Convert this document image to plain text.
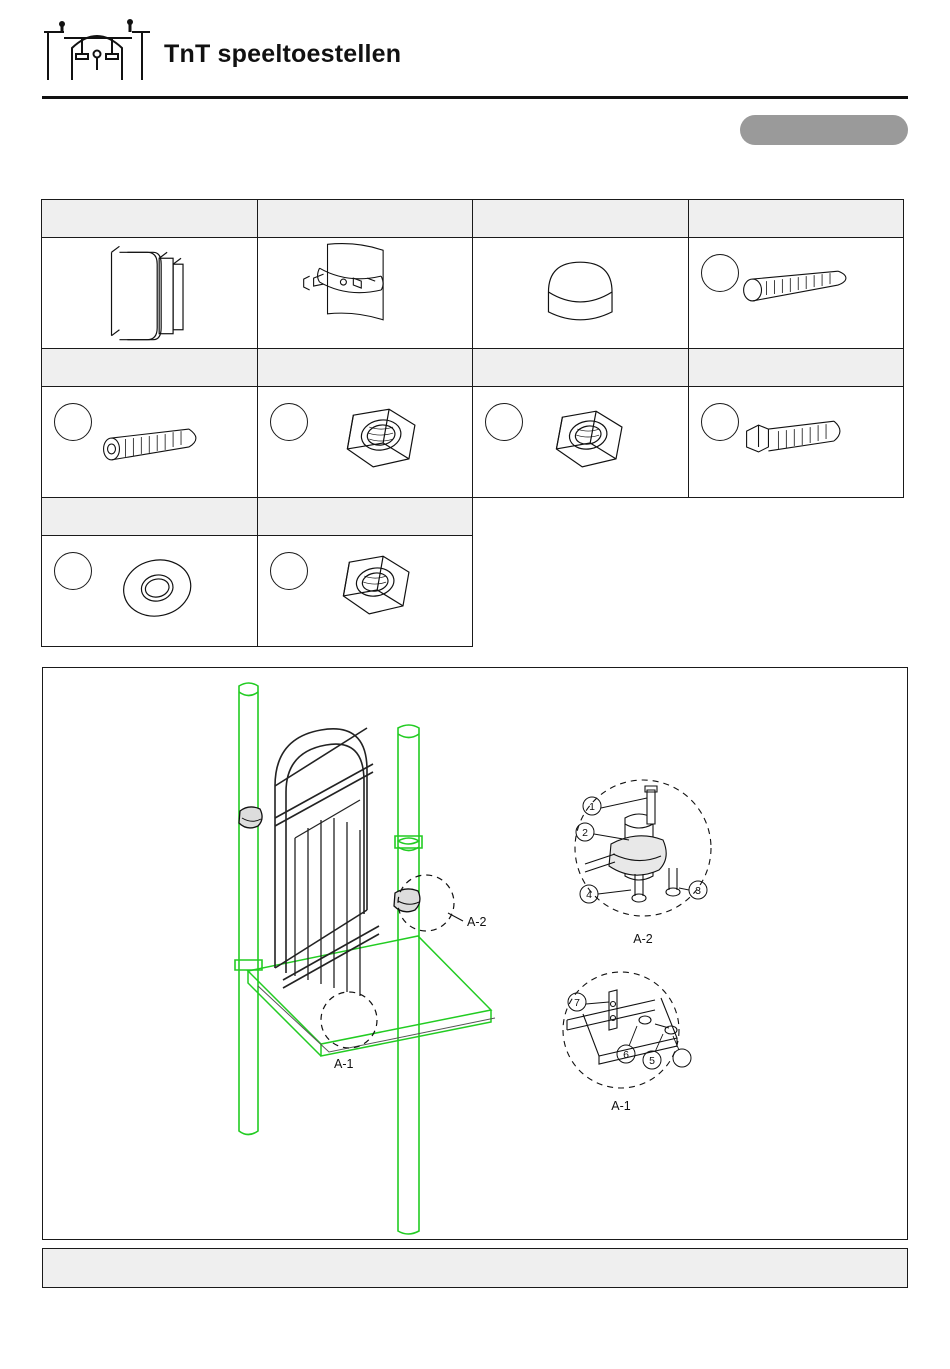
TnT speeltoestellen
A-2
A-1
1
2
3
4
A-2
7
6 5
A-1
